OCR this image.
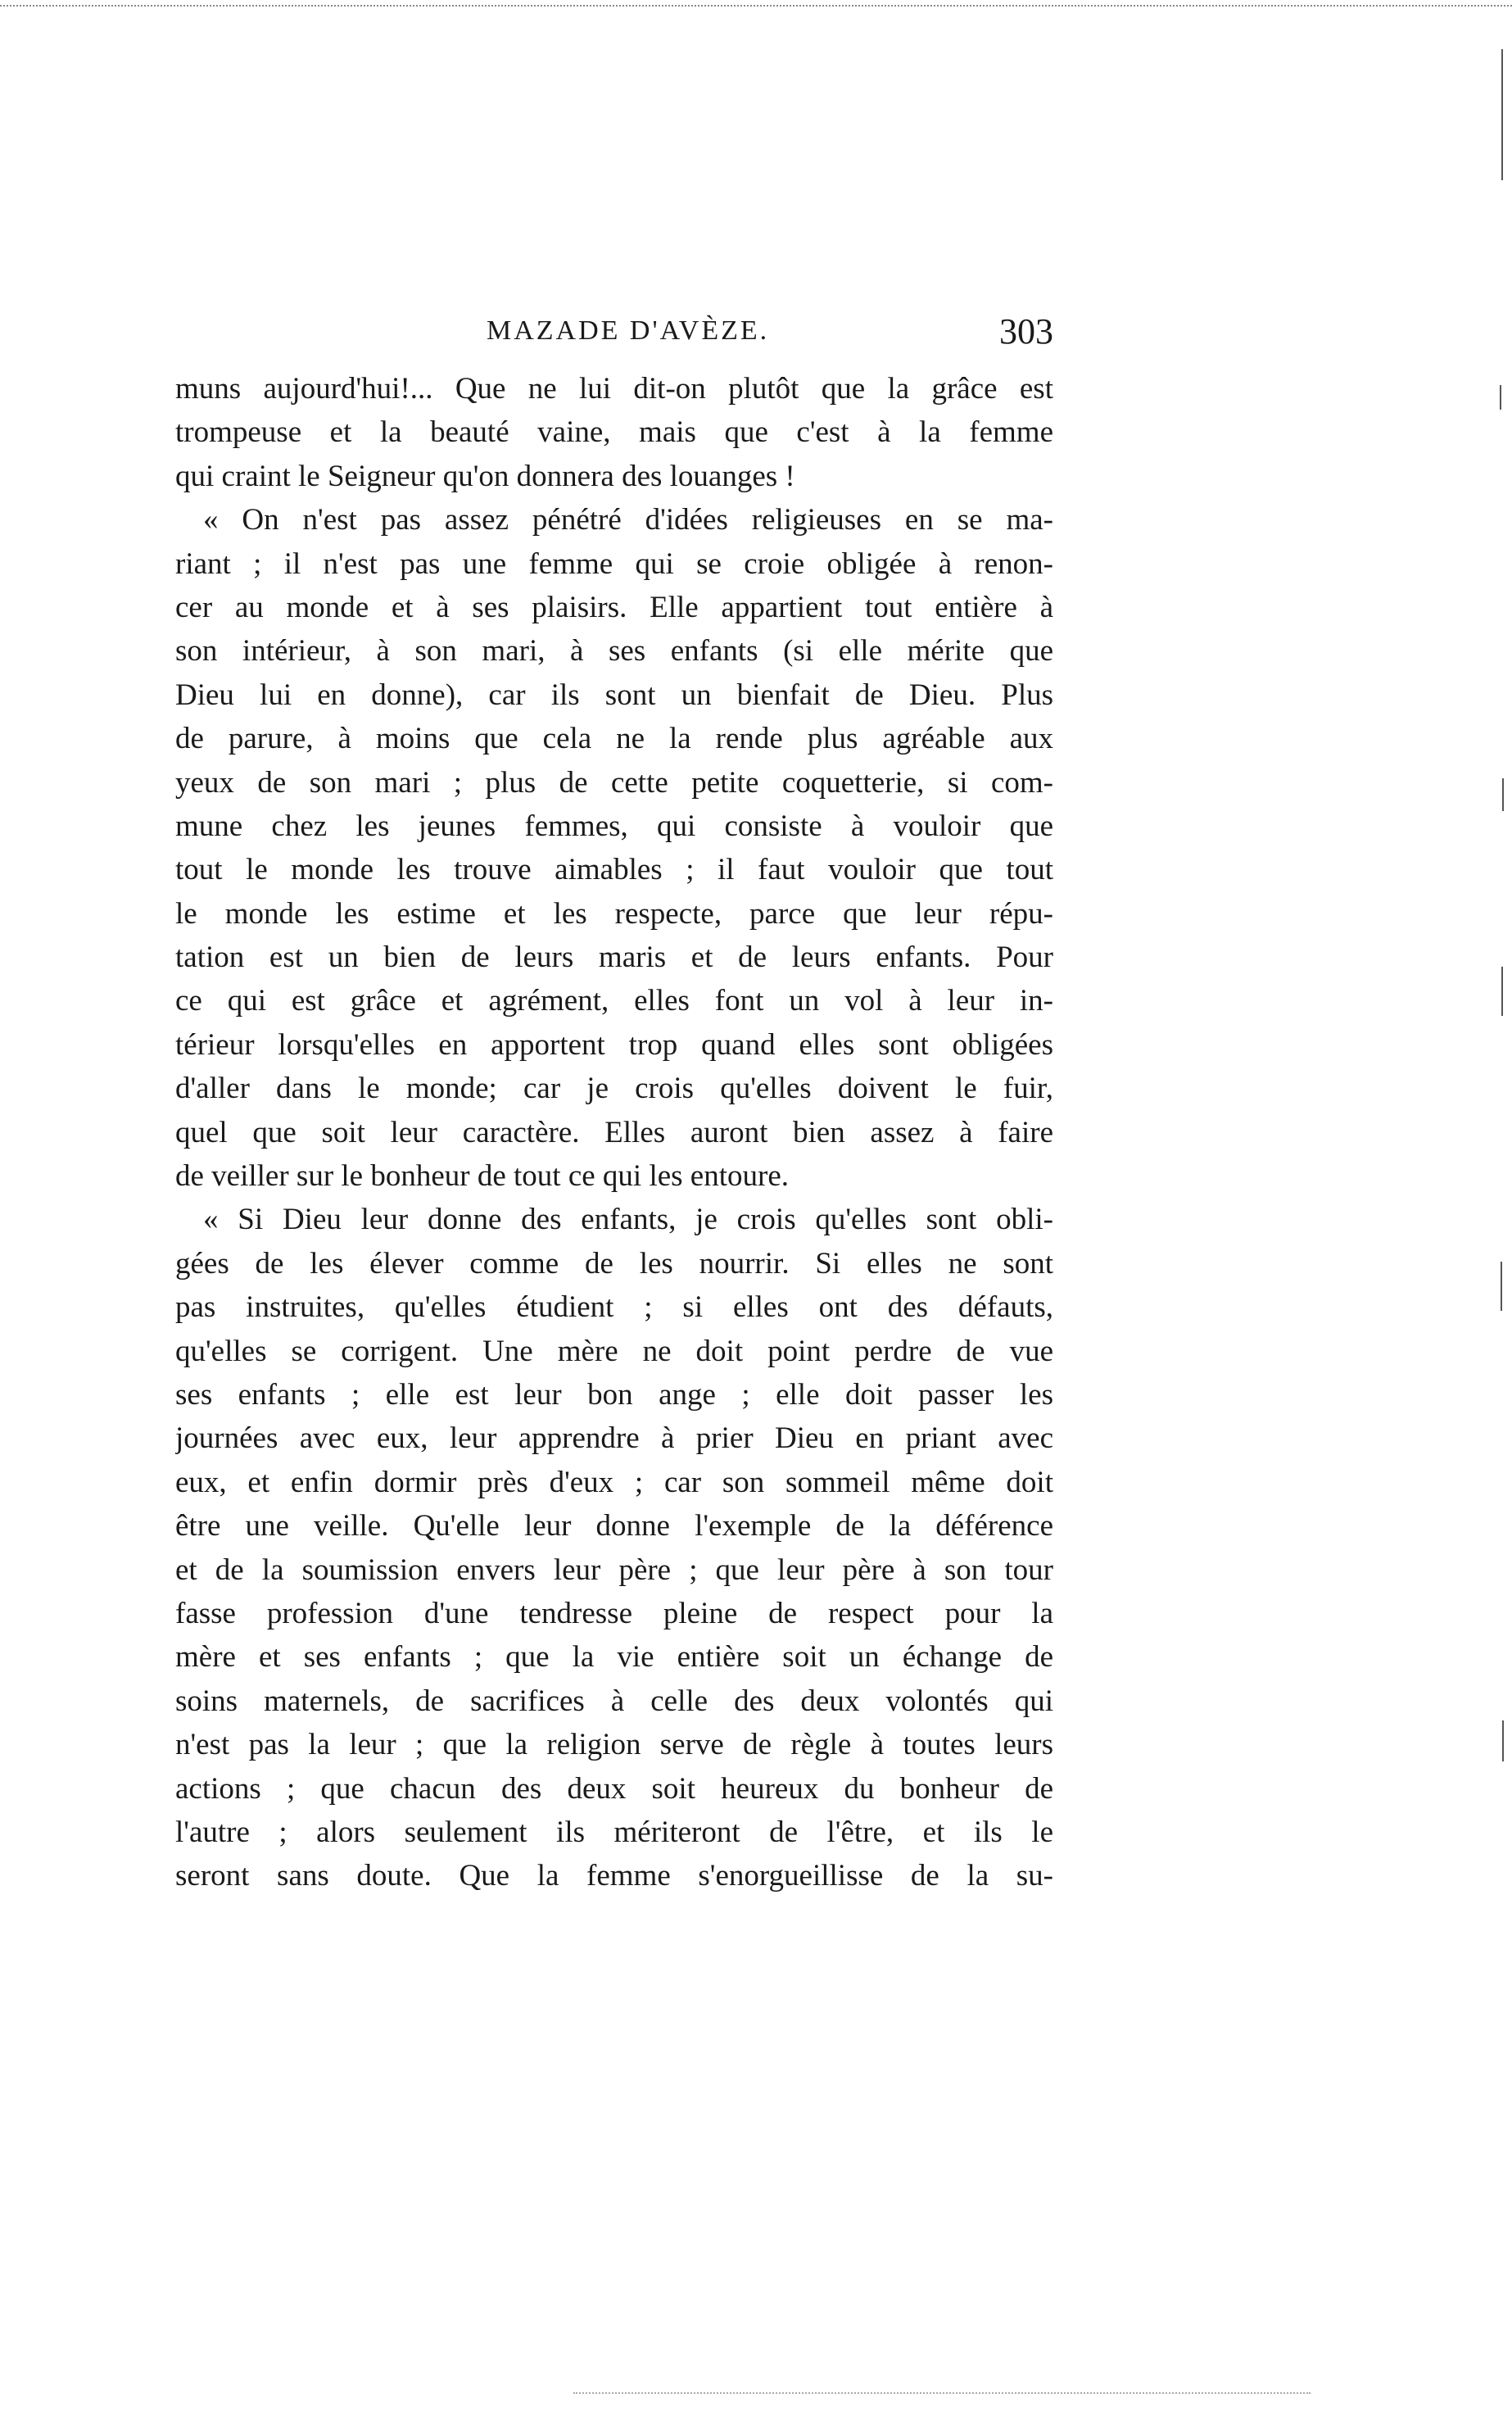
MAZADE D'AVÈZE.	303
muns aujourd'hui!... Que ne lui dit-on plutôt que la grâce est
trompeuse et la beauté vaine, mais que c'est à la femme
qui craint le Seigneur qu'on donnera des louanges !
« On n'est pas assez pénétré d'idées religieuses en se ma-
riant ; il n'est pas une femme qui se croie obligée à renon-
cer au monde et à ses plaisirs. Elle appartient tout entière à
son intérieur, à son mari, à ses enfants (si elle mérite que
Dieu lui en donne), car ils sont un bienfait de Dieu. Plus
de parure, à moins que cela ne la rende plus agréable aux
yeux de son mari ; plus de cette petite coquetterie, si com-
mune chez les jeunes femmes, qui consiste à vouloir que
tout le monde les trouve aimables ; il faut vouloir que tout
le monde les estime et les respecte, parce que leur répu-
tation est un bien de leurs maris et de leurs enfants. Pour
ce qui est grâce et agrément, elles font un vol à leur in-
térieur lorsqu'elles en apportent trop quand elles sont obligées
d'aller dans le monde; car je crois qu'elles doivent le fuir,
quel que soit leur caractère. Elles auront bien assez à faire
de veiller sur le bonheur de tout ce qui les entoure.
« Si Dieu leur donne des enfants, je crois qu'elles sont obli-
gées de les élever comme de les nourrir. Si elles ne sont
pas instruites, qu'elles étudient ; si elles ont des défauts,
qu'elles se corrigent. Une mère ne doit point perdre de vue
ses enfants ; elle est leur bon ange ; elle doit passer les
journées avec eux, leur apprendre à prier Dieu en priant avec
eux, et enfin dormir près d'eux ; car son sommeil même doit
être une veille. Qu'elle leur donne l'exemple de la déférence
et de la soumission envers leur père ; que leur père à son tour
fasse profession d'une tendresse pleine de respect pour la
mère et ses enfants ; que la vie entière soit un échange de
soins maternels, de sacrifices à celle des deux volontés qui
n'est pas la leur ; que la religion serve de règle à toutes leurs
actions ; que chacun des deux soit heureux du bonheur de
l'autre ; alors seulement ils mériteront de l'être, et ils le
seront sans doute. Que la femme s'enorgueillisse de la su-
